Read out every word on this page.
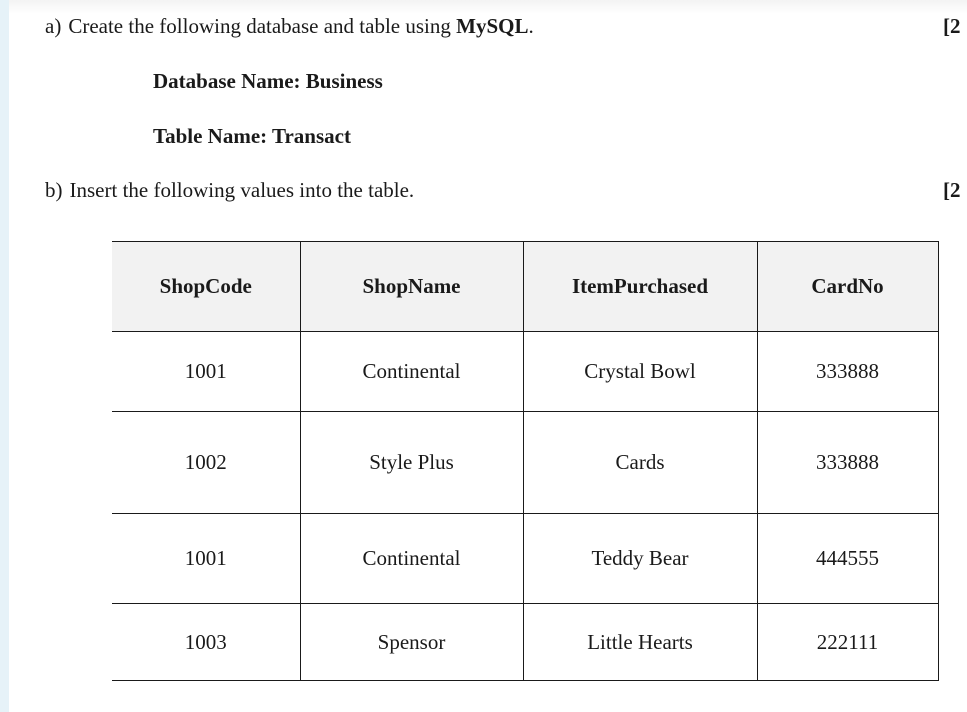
a) Create the following database and table using MySQL.	[2
Database Name: Business
Table Name: Transact
b) Insert the following values into the table.	[2
ShopCode	ShopName	ItemPurchased	CardNo
1001	Continental	Crystal Bowl	333888
1002	Style Plus	Cards	333888
1001	Continental	Teddy Bear	444555
1003	Spensor	Little Hearts	222111
